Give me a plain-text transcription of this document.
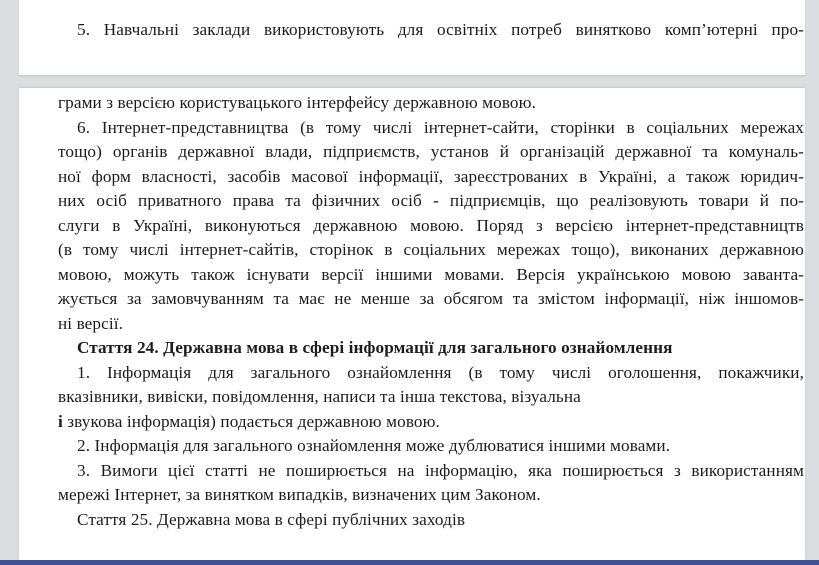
5. Навчальні заклади використовують для освітніх потреб винятково комп’ютерні про-
грами з версією користувацького інтерфейсу державною мовою.
6. Інтернет-представництва (в тому числі інтернет-сайти, сторінки в соціальних мережах
тощо) органів державної влади, підприємств, установ й організацій державної та комуналь-
ної форм власності, засобів масової інформації, зареєстрованих в Україні, а також юридич-
них осіб приватного права та фізичних осіб - підприємців, що реалізовують товари й по-
слуги в Україні, виконуються державною мовою. Поряд з версією інтернет-представництв
(в тому числі інтернет-сайтів, сторінок в соціальних мережах тощо), виконаних державною
мовою, можуть також існувати версії іншими мовами. Версія українською мовою заванта-
жується за замовчуванням та має не менше за обсягом та змістом інформації, ніж іншомов-
ні версії.
Стаття 24. Державна мова в сфері інформації для загального ознайомлення
1. Інформація для загального ознайомлення (в тому числі оголошення, покажчики,
вказівники, вивіски, повідомлення, написи та інша текстова, візуальна
і звукова інформація) подається державною мовою.
2. Інформація для загального ознайомлення може дублюватися іншими мовами.
3. Вимоги цієї статті не поширюється на інформацію, яка поширюється з використанням
мережі Інтернет, за винятком випадків, визначених цим Законом.
Стаття 25. Державна мова в сфері публічних заходів
